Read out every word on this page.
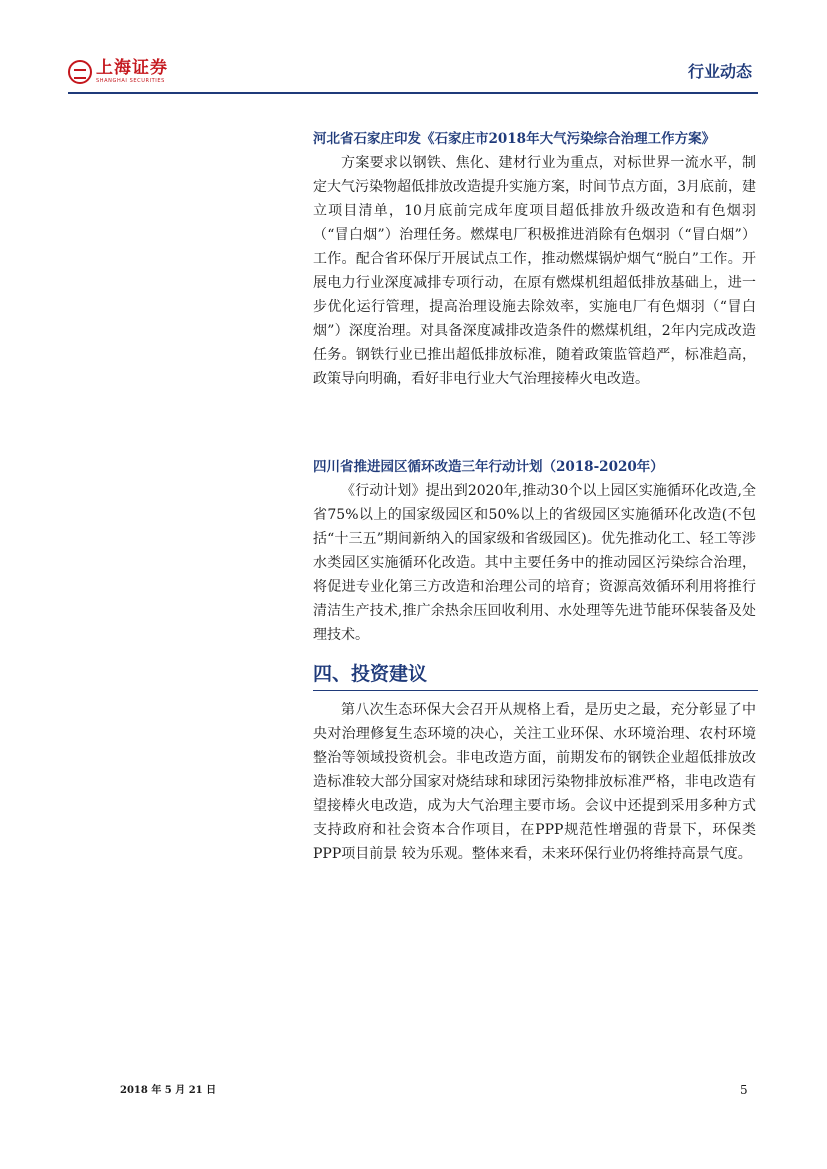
上海证券
SHANGHAI SECURITIES	行业动态
河北省石家庄印发《石家庄市2018年大气污染综合治理工作方案》

方案要求以钢铁、焦化、建材行业为重点，对标世界一流水平，制定大气污染物超低排放改造提升实施方案，时间节点方面，3月底前，建立项目清单，10月底前完成年度项目超低排放升级改造和有色烟羽（“冒白烟”）治理任务。燃煤电厂积极推进消除有色烟羽（“冒白烟”）工作。配合省环保厅开展试点工作，推动燃煤锅炉烟气“脱白”工作。开展电力行业深度减排专项行动，在原有燃煤机组超低排放基础上，进一步优化运行管理，提高治理设施去除效率，实施电厂有色烟羽（“冒白烟”）深度治理。对具备深度减排改造条件的燃煤机组，2年内完成改造任务。钢铁行业已推出超低排放标准，随着政策监管趋严，标准趋高，政策导向明确，看好非电行业大气治理接棒火电改造。

四川省推进园区循环改造三年行动计划（2018-2020年）

《行动计划》提出到2020年,推动30个以上园区实施循环化改造,全省75%以上的国家级园区和50%以上的省级园区实施循环化改造(不包括“十三五”期间新纳入的国家级和省级园区)。优先推动化工、轻工等涉水类园区实施循环化改造。其中主要任务中的推动园区污染综合治理，将促进专业化第三方改造和治理公司的培育；资源高效循环利用将推行清洁生产技术,推广余热余压回收利用、水处理等先进节能环保装备及处理技术。

四、投资建议

第八次生态环保大会召开从规格上看，是历史之最，充分彰显了中央对治理修复生态环境的决心，关注工业环保、水环境治理、农村环境整治等领域投资机会。非电改造方面，前期发布的钢铁企业超低排放改造标准较大部分国家对烧结球和球团污染物排放标准严格，非电改造有望接棒火电改造，成为大气治理主要市场。会议中还提到采用多种方式支持政府和社会资本合作项目，在PPP规范性增强的背景下，环保类PPP项目前景 较为乐观。整体来看，未来环保行业仍将维持高景气度。

2018 年 5 月 21 日	5
